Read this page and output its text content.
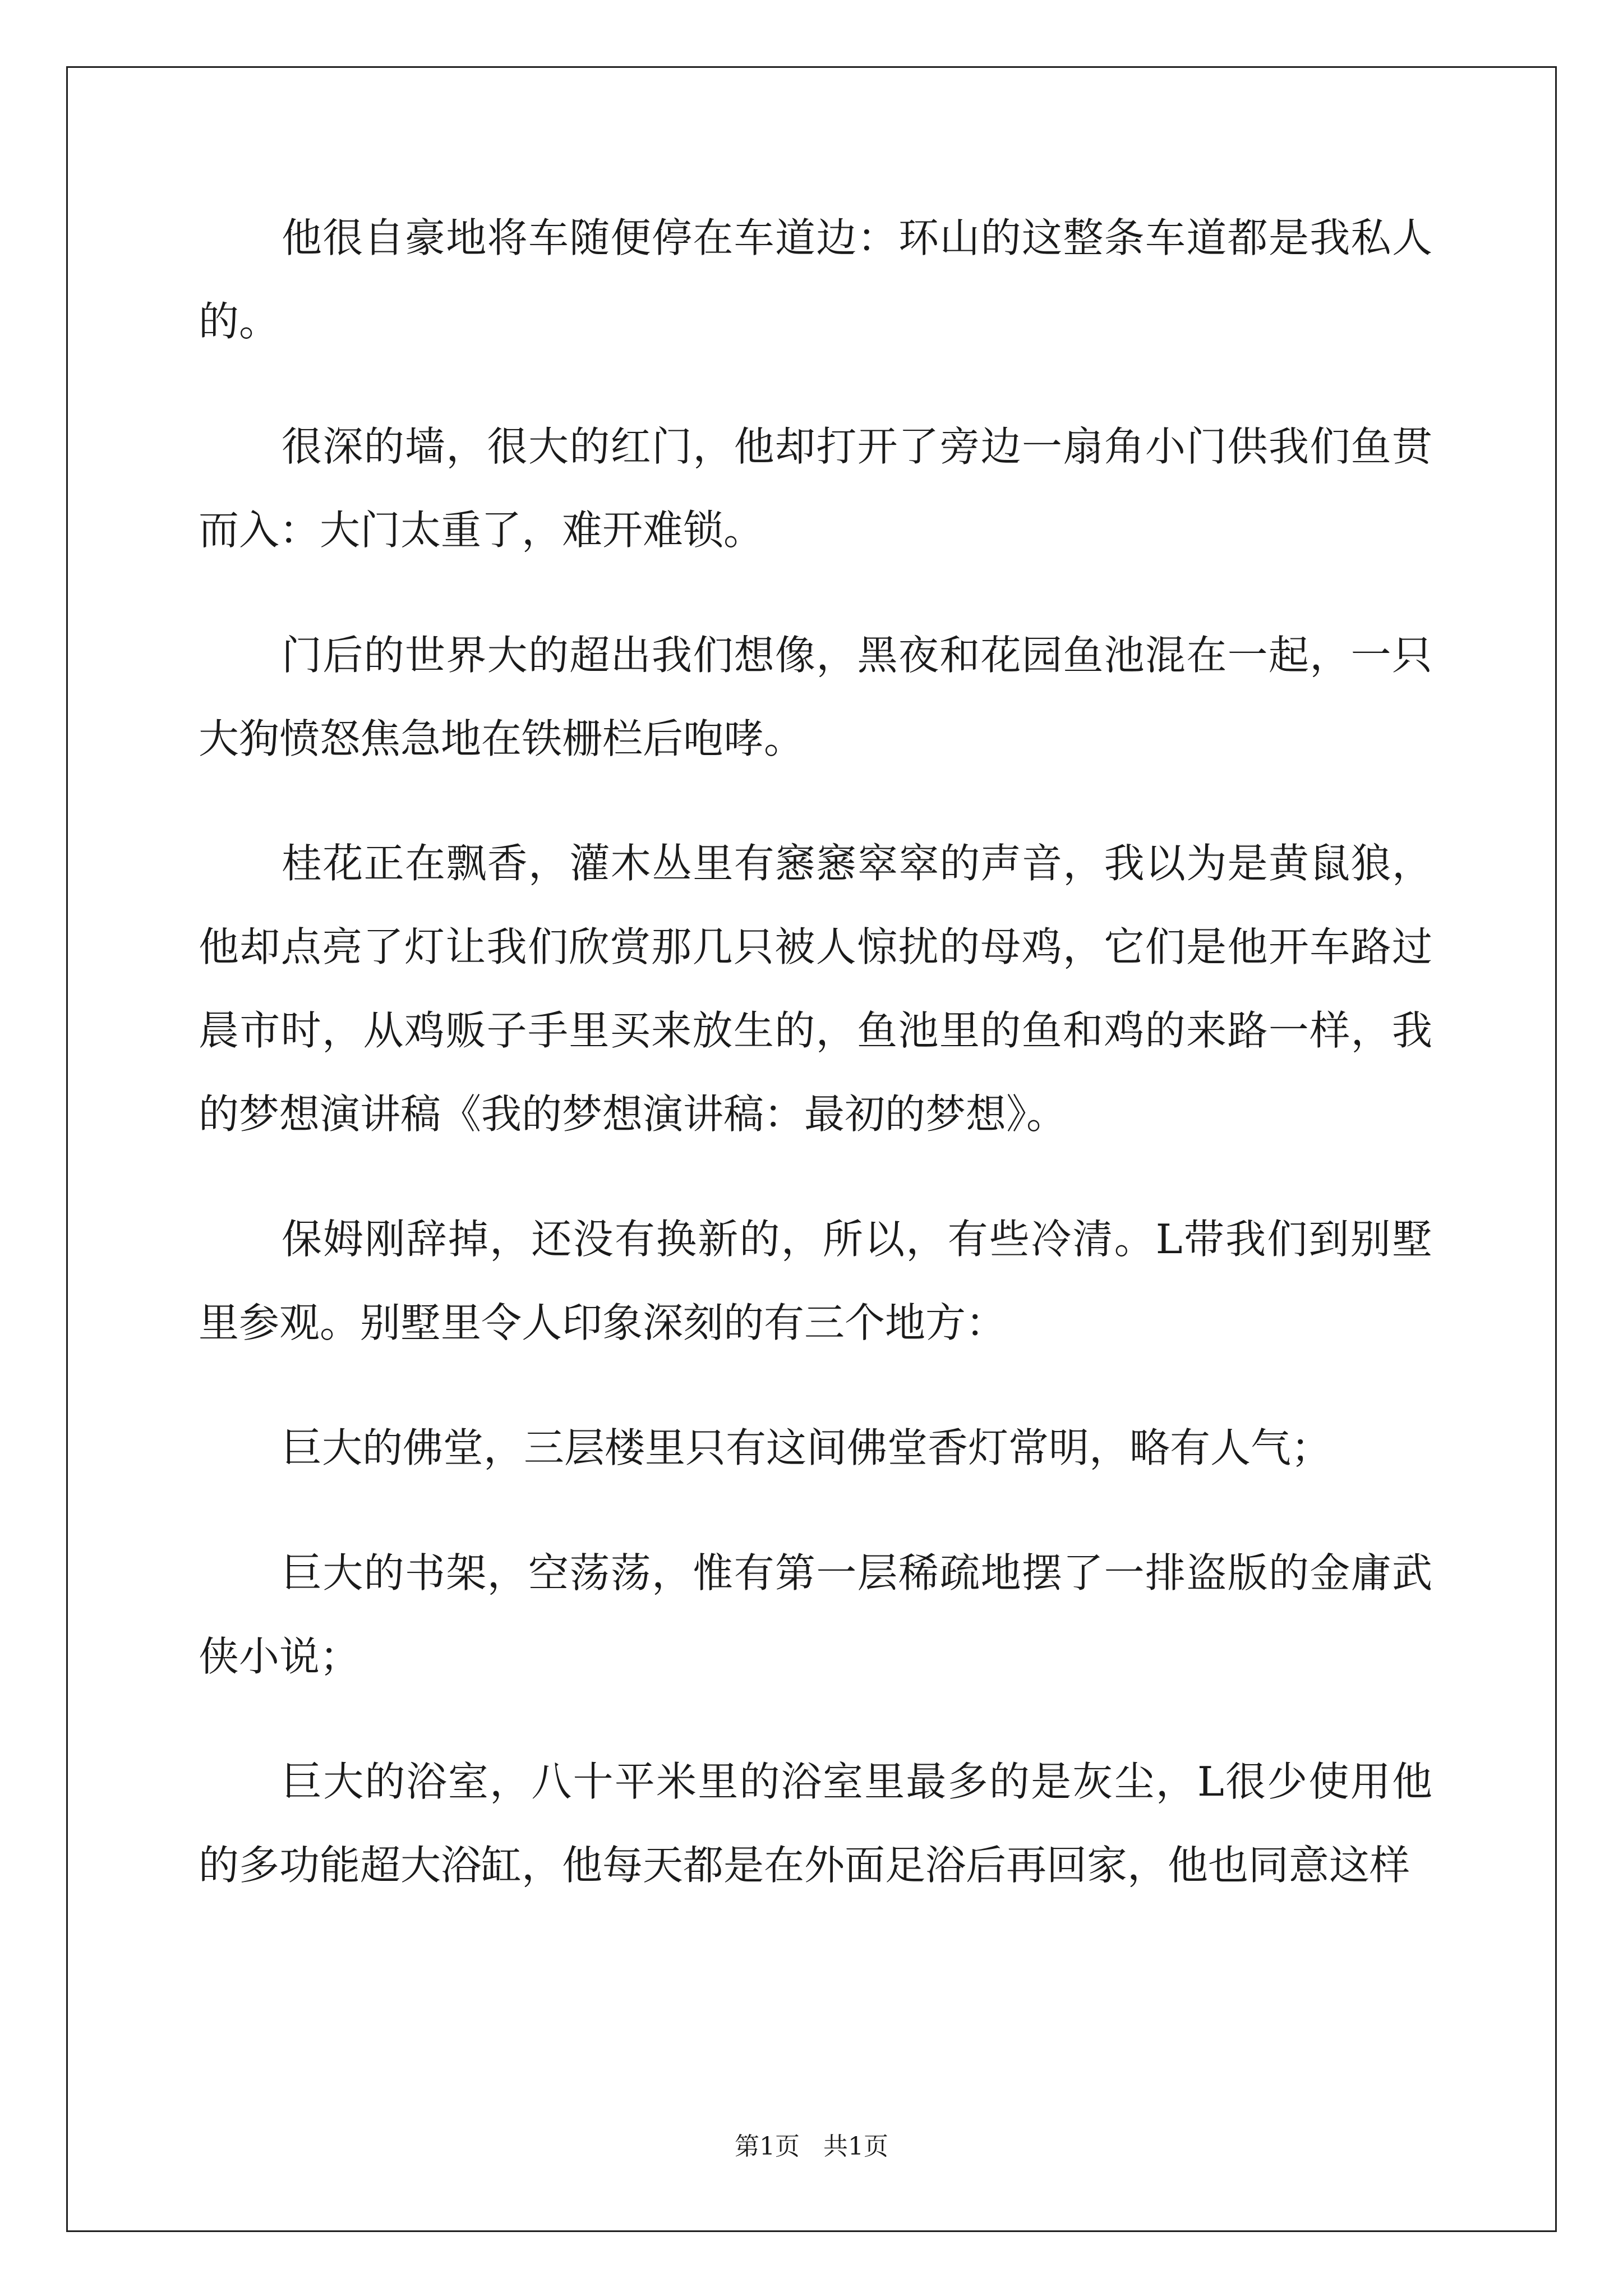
他很自豪地将车随便停在车道边：环山的这整条车道都是我私人的。

很深的墙，很大的红门，他却打开了旁边一扇角小门供我们鱼贯而入：大门太重了，难开难锁。

门后的世界大的超出我们想像，黑夜和花园鱼池混在一起，一只大狗愤怒焦急地在铁栅栏后咆哮。

桂花正在飘香，灌木丛里有窸窸窣窣的声音，我以为是黄鼠狼，他却点亮了灯让我们欣赏那几只被人惊扰的母鸡，它们是他开车路过晨市时，从鸡贩子手里买来放生的，鱼池里的鱼和鸡的来路一样，我的梦想演讲稿《我的梦想演讲稿：最初的梦想》。

保姆刚辞掉，还没有换新的，所以，有些冷清。L带我们到别墅里参观。别墅里令人印象深刻的有三个地方：

巨大的佛堂，三层楼里只有这间佛堂香灯常明，略有人气；

巨大的书架，空荡荡，惟有第一层稀疏地摆了一排盗版的金庸武侠小说；

巨大的浴室，八十平米里的浴室里最多的是灰尘，L很少使用他的多功能超大浴缸，他每天都是在外面足浴后再回家，他也同意这样

第1页   共1页
